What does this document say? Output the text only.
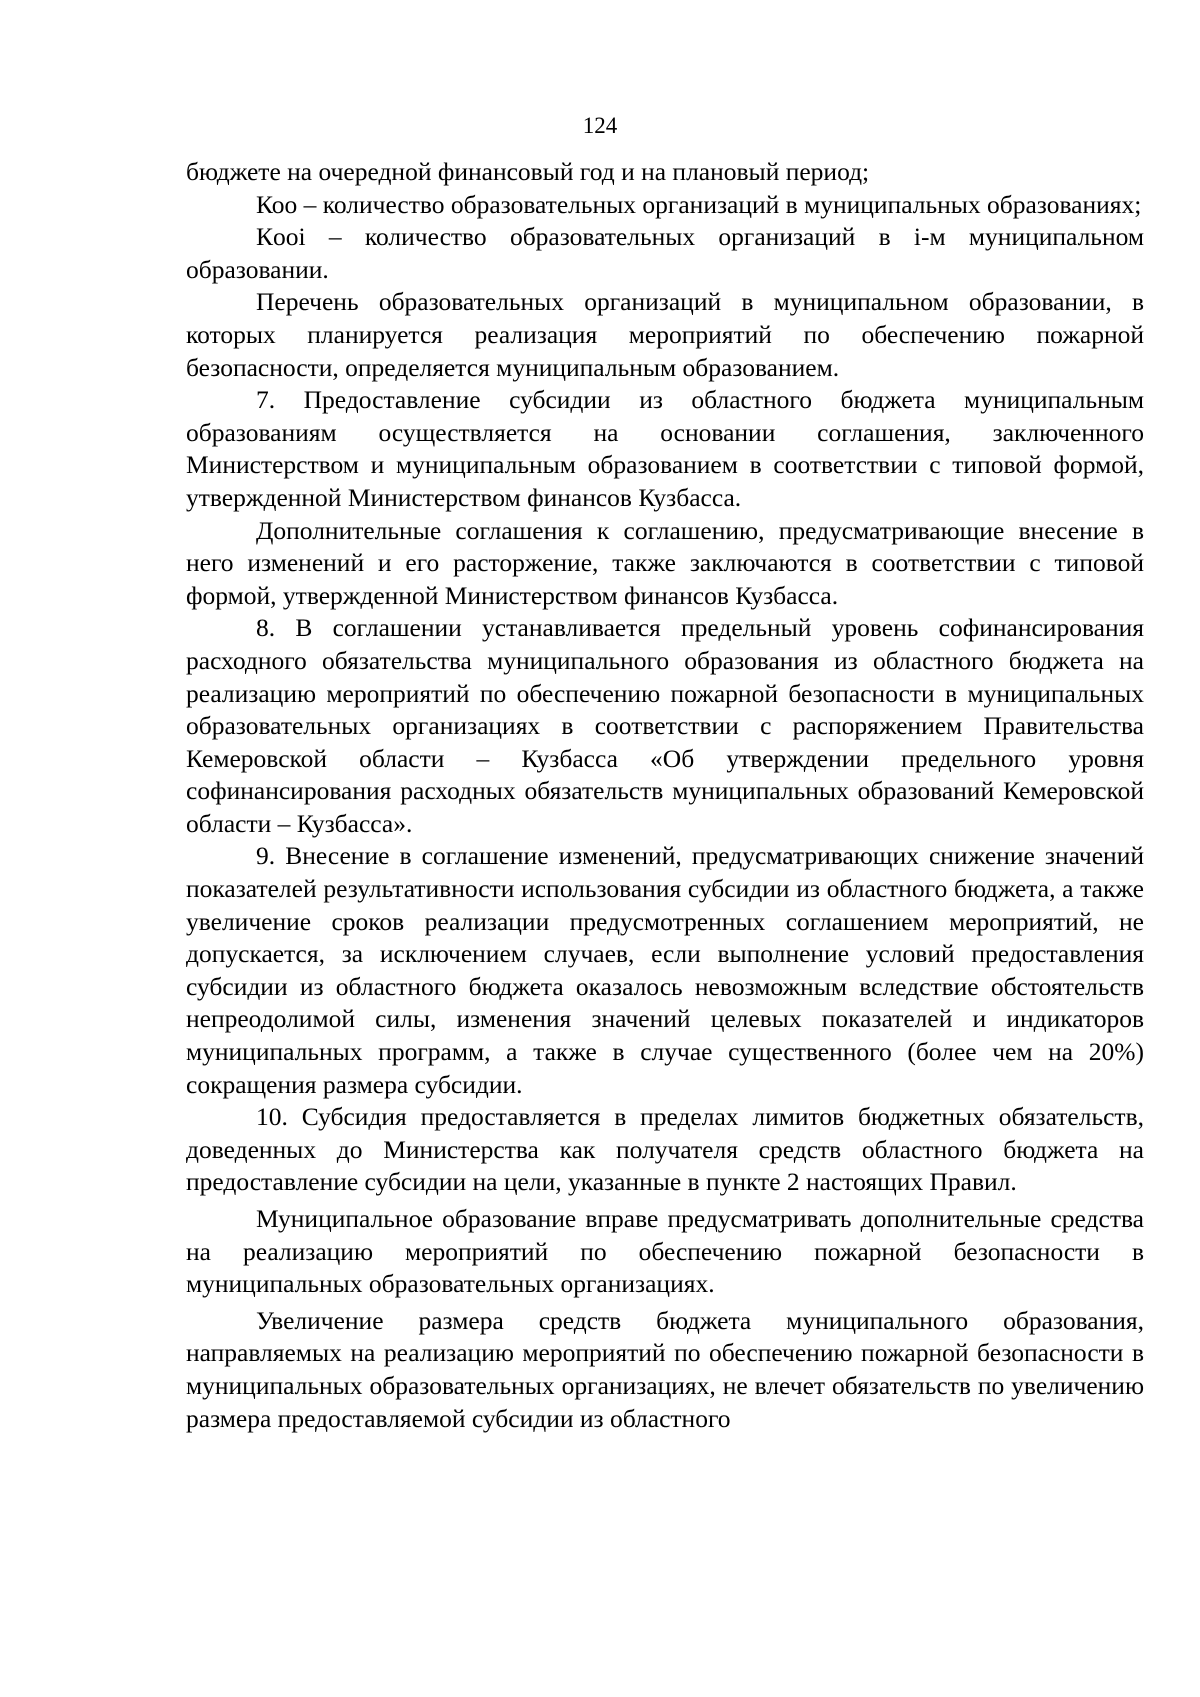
124

бюджете на очередной финансовый год и на плановый период;

Коо – количество образовательных организаций в муниципальных образованиях;

Кooi – количество образовательных организаций в i-м муниципальном образовании.

Перечень образовательных организаций в муниципальном образовании, в которых планируется реализация мероприятий по обеспечению пожарной безопасности, определяется муниципальным образованием.

7. Предоставление субсидии из областного бюджета муниципальным образованиям осуществляется на основании соглашения, заключенного Министерством и муниципальным образованием в соответствии с типовой формой, утвержденной Министерством финансов Кузбасса.

Дополнительные соглашения к соглашению, предусматривающие внесение в него изменений и его расторжение, также заключаются в соответствии с типовой формой, утвержденной Министерством финансов Кузбасса.

8. В соглашении устанавливается предельный уровень софинансирования расходного обязательства муниципального образования из областного бюджета на реализацию мероприятий по обеспечению пожарной безопасности в муниципальных образовательных организациях в соответствии с распоряжением Правительства Кемеровской области – Кузбасса «Об утверждении предельного уровня софинансирования расходных обязательств муниципальных образований Кемеровской области – Кузбасса».

9. Внесение в соглашение изменений, предусматривающих снижение значений показателей результативности использования субсидии из областного бюджета, а также увеличение сроков реализации предусмотренных соглашением мероприятий, не допускается, за исключением случаев, если выполнение условий предоставления субсидии из областного бюджета оказалось невозможным вследствие обстоятельств непреодолимой силы, изменения значений целевых показателей и индикаторов муниципальных программ, а также в случае существенного (более чем на 20%) сокращения размера субсидии.

10. Субсидия предоставляется в пределах лимитов бюджетных обязательств, доведенных до Министерства как получателя средств областного бюджета на предоставление субсидии на цели, указанные в пункте 2 настоящих Правил.

Муниципальное образование вправе предусматривать дополнительные средства на реализацию мероприятий по обеспечению пожарной безопасности в муниципальных образовательных организациях.

Увеличение размера средств бюджета муниципального образования, направляемых на реализацию мероприятий по обеспечению пожарной безопасности в муниципальных образовательных организациях, не влечет обязательств по увеличению размера предоставляемой субсидии из областного
